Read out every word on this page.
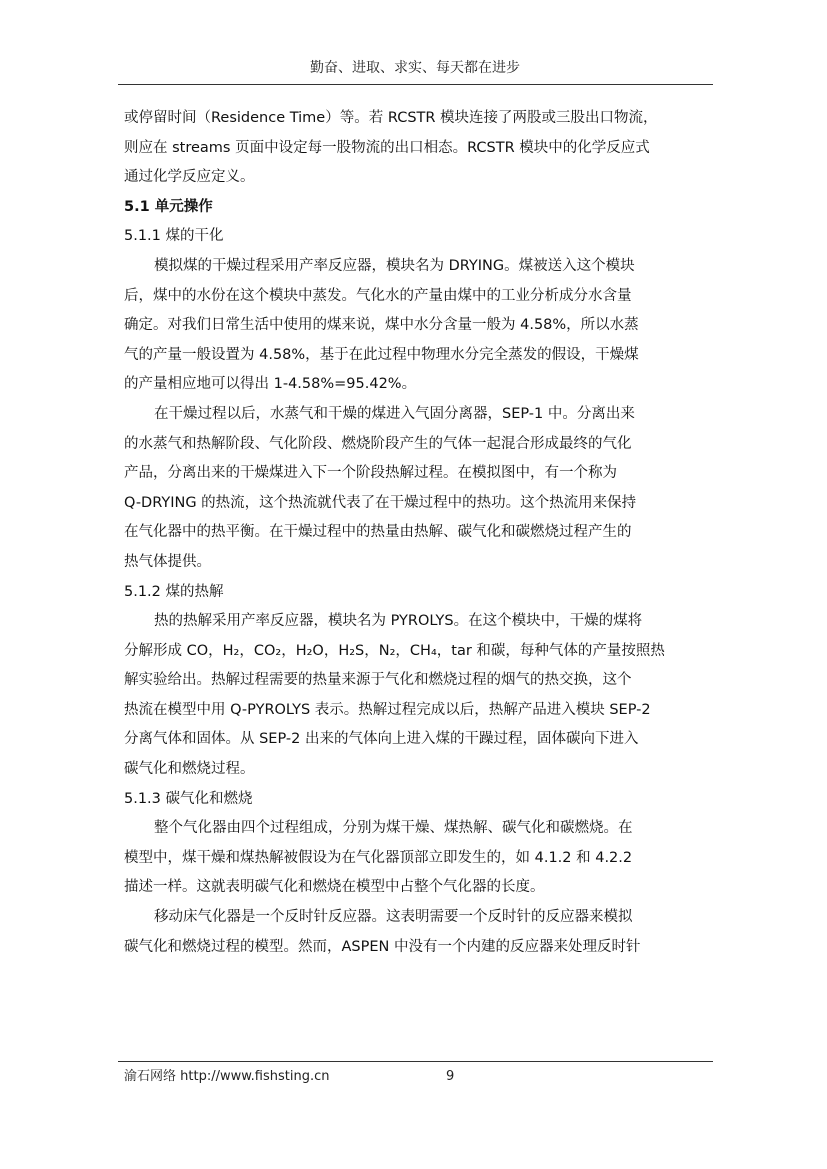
勤奋、进取、求实、每天都在进步
或停留时间（Residence Time）等。若 RCSTR 模块连接了两股或三股出口物流，
则应在 streams 页面中设定每一股物流的出口相态。RCSTR 模块中的化学反应式
通过化学反应定义。
5.1 单元操作
5.1.1 煤的干化
模拟煤的干燥过程采用产率反应器，模块名为 DRYING。煤被送入这个模块
后，煤中的水份在这个模块中蒸发。气化水的产量由煤中的工业分析成分水含量
确定。对我们日常生活中使用的煤来说，煤中水分含量一般为 4.58%，所以水蒸
气的产量一般设置为 4.58%，基于在此过程中物理水分完全蒸发的假设，干燥煤
的产量相应地可以得出 1-4.58%=95.42%。
在干燥过程以后，水蒸气和干燥的煤进入气固分离器，SEP-1 中。分离出来
的水蒸气和热解阶段、气化阶段、燃烧阶段产生的气体一起混合形成最终的气化
产品，分离出来的干燥煤进入下一个阶段热解过程。在模拟图中，有一个称为
Q-DRYING 的热流，这个热流就代表了在干燥过程中的热功。这个热流用来保持
在气化器中的热平衡。在干燥过程中的热量由热解、碳气化和碳燃烧过程产生的
热气体提供。
5.1.2 煤的热解
热的热解采用产率反应器，模块名为 PYROLYS。在这个模块中，干燥的煤将
分解形成 CO，H₂，CO₂，H₂O，H₂S，N₂，CH₄，tar 和碳，每种气体的产量按照热
解实验给出。热解过程需要的热量来源于气化和燃烧过程的烟气的热交换，这个
热流在模型中用 Q-PYROLYS 表示。热解过程完成以后，热解产品进入模块 SEP-2
分离气体和固体。从 SEP-2 出来的气体向上进入煤的干躁过程，固体碳向下进入
碳气化和燃烧过程。
5.1.3 碳气化和燃烧
整个气化器由四个过程组成，分别为煤干燥、煤热解、碳气化和碳燃烧。在
模型中，煤干燥和煤热解被假设为在气化器顶部立即发生的，如 4.1.2 和 4.2.2
描述一样。这就表明碳气化和燃烧在模型中占整个气化器的长度。
移动床气化器是一个反时针反应器。这表明需要一个反时针的反应器来模拟
碳气化和燃烧过程的模型。然而，ASPEN 中没有一个内建的反应器来处理反时针
渝石网络 http://www.fishsting.cn	9
